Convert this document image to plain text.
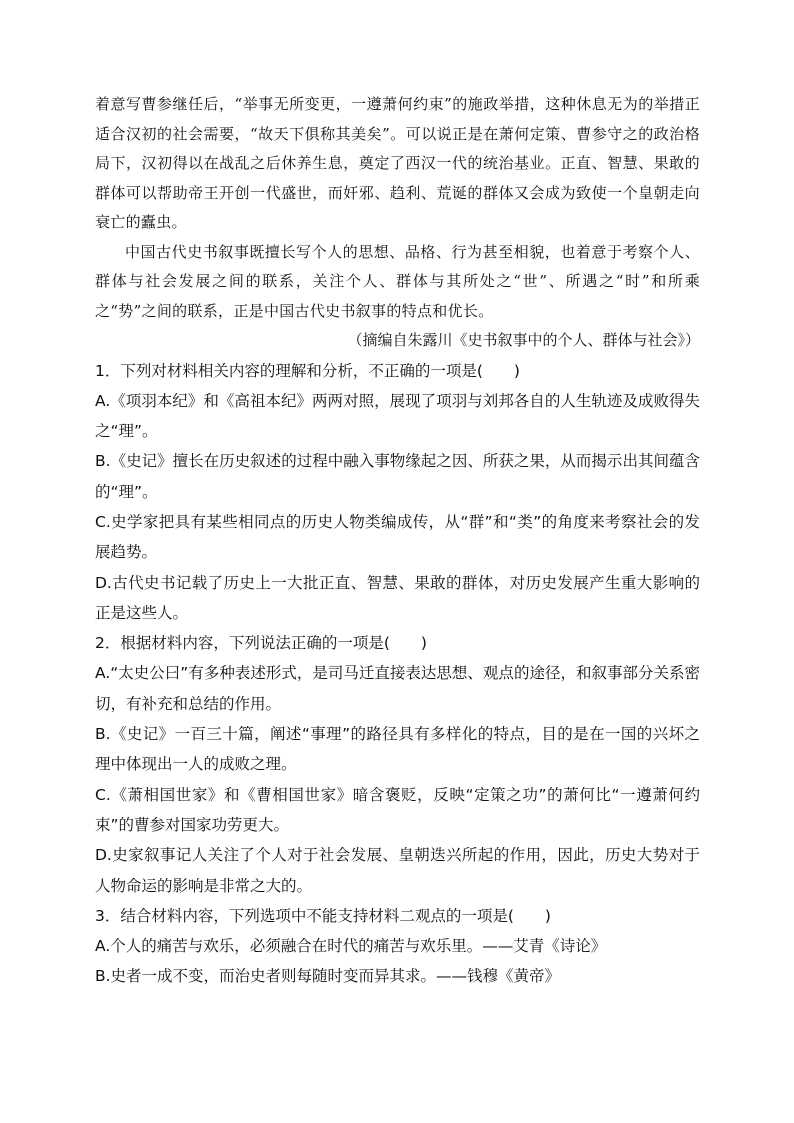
着意写曹参继任后，“举事无所变更，一遵萧何约束”的施政举措，这种休息无为的举措正适合汉初的社会需要，“故天下俱称其美矣”。可以说正是在萧何定策、曹参守之的政治格局下，汉初得以在战乱之后休养生息，奠定了西汉一代的统治基业。正直、智慧、果敢的群体可以帮助帝王开创一代盛世，而奸邪、趋利、荒诞的群体又会成为致使一个皇朝走向衰亡的蠹虫。

中国古代史书叙事既擅长写个人的思想、品格、行为甚至相貌，也着意于考察个人、群体与社会发展之间的联系，关注个人、群体与其所处之“世”、所遇之“时”和所乘之“势”之间的联系，正是中国古代史书叙事的特点和优长。

（摘编自朱露川《史书叙事中的个人、群体与社会》）

1．下列对材料相关内容的理解和分析，不正确的一项是(　　)

A.《项羽本纪》和《高祖本纪》两两对照，展现了项羽与刘邦各自的人生轨迹及成败得失之“理”。

B.《史记》擅长在历史叙述的过程中融入事物缘起之因、所获之果，从而揭示出其间蕴含的“理”。

C.史学家把具有某些相同点的历史人物类编成传，从“群”和“类”的角度来考察社会的发展趋势。

D.古代史书记载了历史上一大批正直、智慧、果敢的群体，对历史发展产生重大影响的正是这些人。

2．根据材料内容，下列说法正确的一项是(　　)

A.“太史公曰”有多种表述形式，是司马迁直接表达思想、观点的途径，和叙事部分关系密切，有补充和总结的作用。

B.《史记》一百三十篇，阐述“事理”的路径具有多样化的特点，目的是在一国的兴坏之理中体现出一人的成败之理。

C.《萧相国世家》和《曹相国世家》暗含褒贬，反映“定策之功”的萧何比“一遵萧何约束”的曹参对国家功劳更大。

D.史家叙事记人关注了个人对于社会发展、皇朝迭兴所起的作用，因此，历史大势对于人物命运的影响是非常之大的。

3．结合材料内容，下列选项中不能支持材料二观点的一项是(　　)

A.个人的痛苦与欢乐，必须融合在时代的痛苦与欢乐里。——艾青《诗论》

B.史者一成不变，而治史者则每随时变而异其求。——钱穆《黄帝》
